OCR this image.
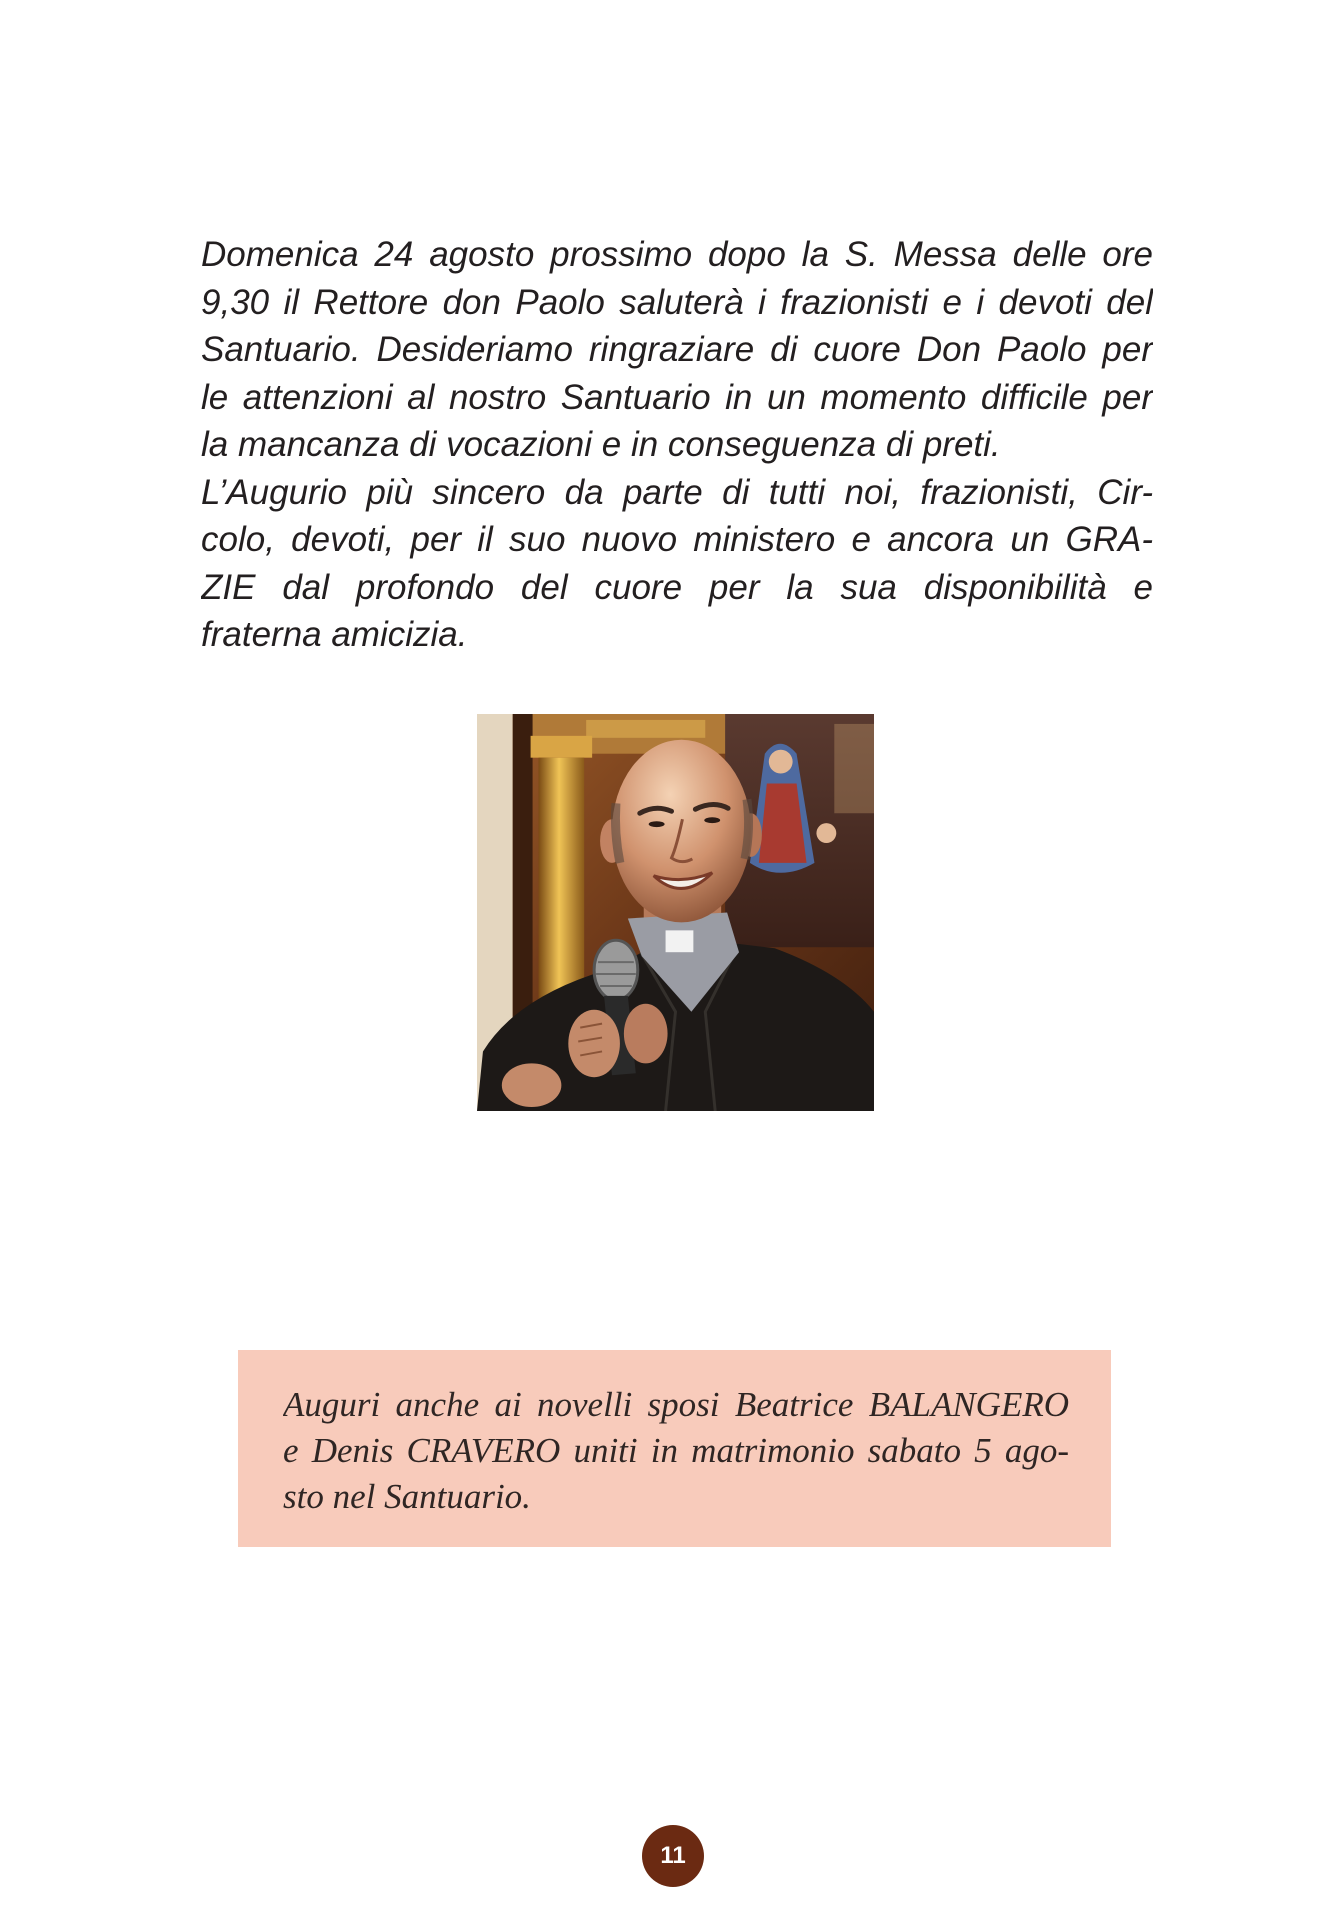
Domenica 24 agosto prossimo dopo la S. Messa delle ore
9,30 il Rettore don Paolo saluterà i frazionisti e i devoti del
Santuario. Desideriamo ringraziare di cuore Don Paolo per
le attenzioni al nostro Santuario in un momento difficile per
la mancanza di vocazioni e in conseguenza di preti.
L’Augurio più sincero da parte di tutti noi, frazionisti, Cir-
colo, devoti, per il suo nuovo ministero e ancora un GRA-
ZIE dal profondo del cuore per la sua disponibilità e
fraterna amicizia.
Auguri anche ai novelli sposi Beatrice BALANGERO
e Denis CRAVERO uniti in matrimonio sabato 5 ago-
sto nel Santuario.
11
